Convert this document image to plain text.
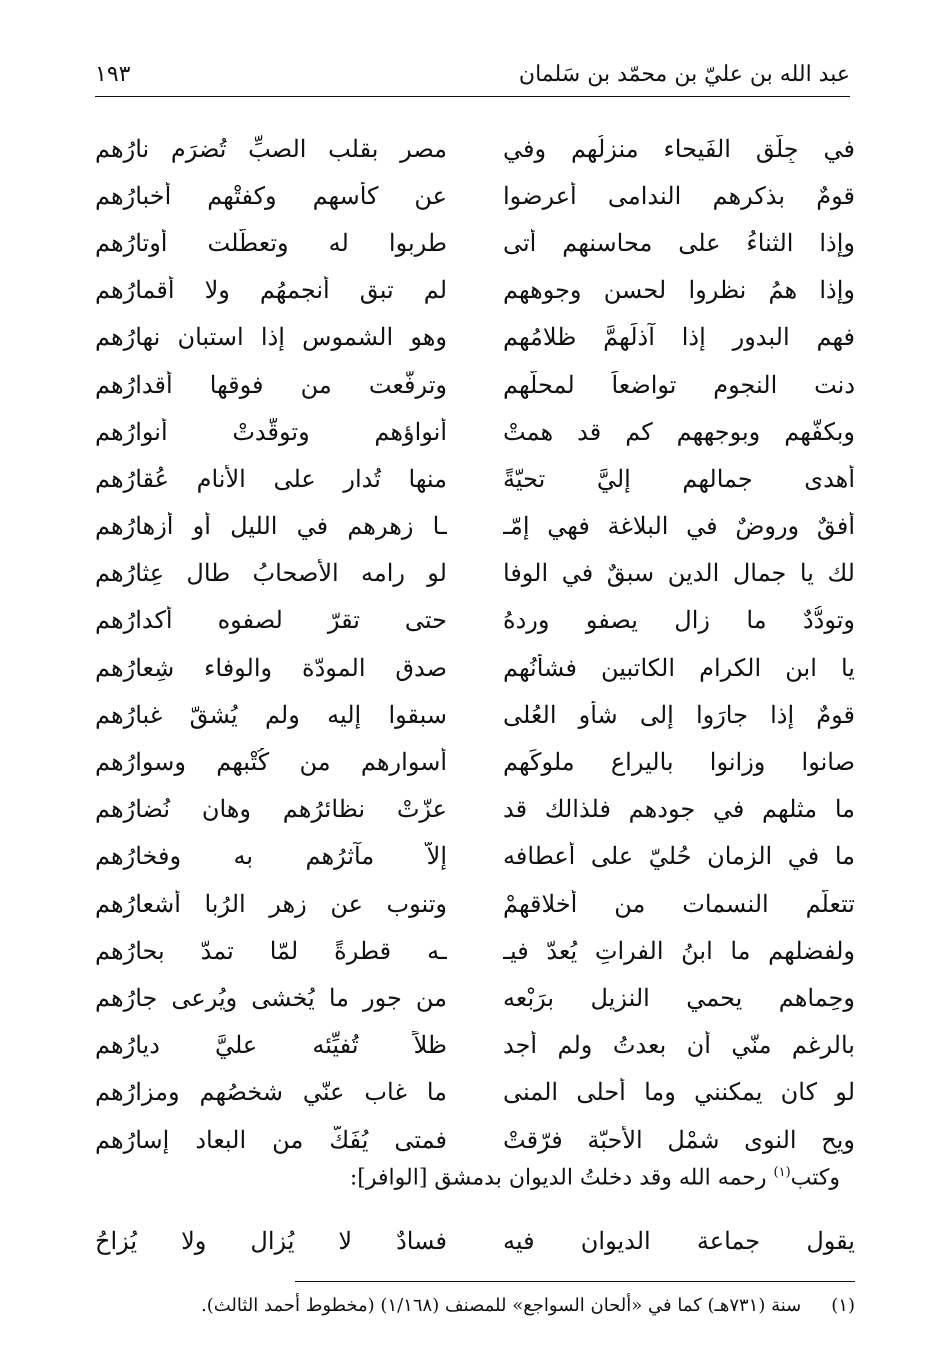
عبد الله بن عليّ بن محمّد بن سَلمان
١٩٣
في جِلّق الفَيحاء منزلُهم وفي
مصرٍ بقلب الصبِّ تُضرَم نارُهم
قومٌ بذكرهم الندامى أعرضوا
عن كأسهم وكفتْهم أخبارُهم
وإذا الثناءُ على محاسنهم أتى
طربوا له وتعطّلت أوتارُهم
وإذا همُ نظروا لحسن وجوههم
لم تبق أنجمهُم ولا أقمارُهم
فهم البدور إذا آذلَهمَّ ظلامُهم
وهو الشموس إذا استبان نهارُهم
دنت النجوم تواضعاً لمحلّهم
وترفّعت من فوقها أقدارُهم
وبكفّهم وبوجههم كم قد همتْ
أنواؤهم وتوقّدتْ أنوارُهم
أهدى جمالهم إليَّ تحيّةً
منها تُدار على الأنام عُقارُهم
أفقٌ وروضٌ في البلاغة فهي إمّـ
ـا زهرهم في الليل أو أزهارُهم
لك يا جمال الدين سبقٌ في الوفا
لو رامه الأصحابُ طال عِثارُهم
وتودُّدٌ ما زال يصفو وِردهُ
حتى تقرّ لصفوه أكدارُهم
يا ابن الكرام الكاتبين فشأنُهم
صدق المودّة والوفاء شِعارُهم
قومٌ إذا جارَوا إلى شأو العُلى
سبقوا إليه ولم يُشقّ غبارُهم
صانوا وزانوا باليراع ملوكَهم
أسوارهم من كُتْبهم وسوارُهم
ما مثلهم في جودهم فلذالك قد
عزّتْ نظائرُهم وهان نُضارُهم
ما في الزمان حُليّ على أعطافه
إلاّ مآثرُهم به وفخارُهم
تتعلّم النسمات من أخلاقهمْ
وتنوب عن زهر الرُبا أشعارُهم
ولفضلهم ما ابنُ الفراتِ يُعدّ فيـ
ـه قطرةً لمّا تمدّ بحارُهم
وحِماهم يحمي النزيل برَبْعه
من جور ما يُخشى ويُرعى جارُهم
بالرغم منّي أن بعدتُ ولم أجد
ظلاً تُفيِّئه عليَّ ديارُهم
لو كان يمكنني وما أحلى المنى
ما غاب عنّي شخصُهم ومزارُهم
ويح النوى شمْل الأحبّة فرّقتْ
فمتى يُفَكّ من البعاد إسارُهم
وكتب$^{(١)}$ رحمه الله وقد دخلتُ الديوان بدمشق [الوافر]:
يقول جماعة الديوان فيه
فسادٌ لا يُزال ولا يُزاحُ
(١)
سنة (٧٣١هـ) كما في «ألحان السواجع» للمصنف (١/١٦٨) (مخطوط أحمد الثالث).
